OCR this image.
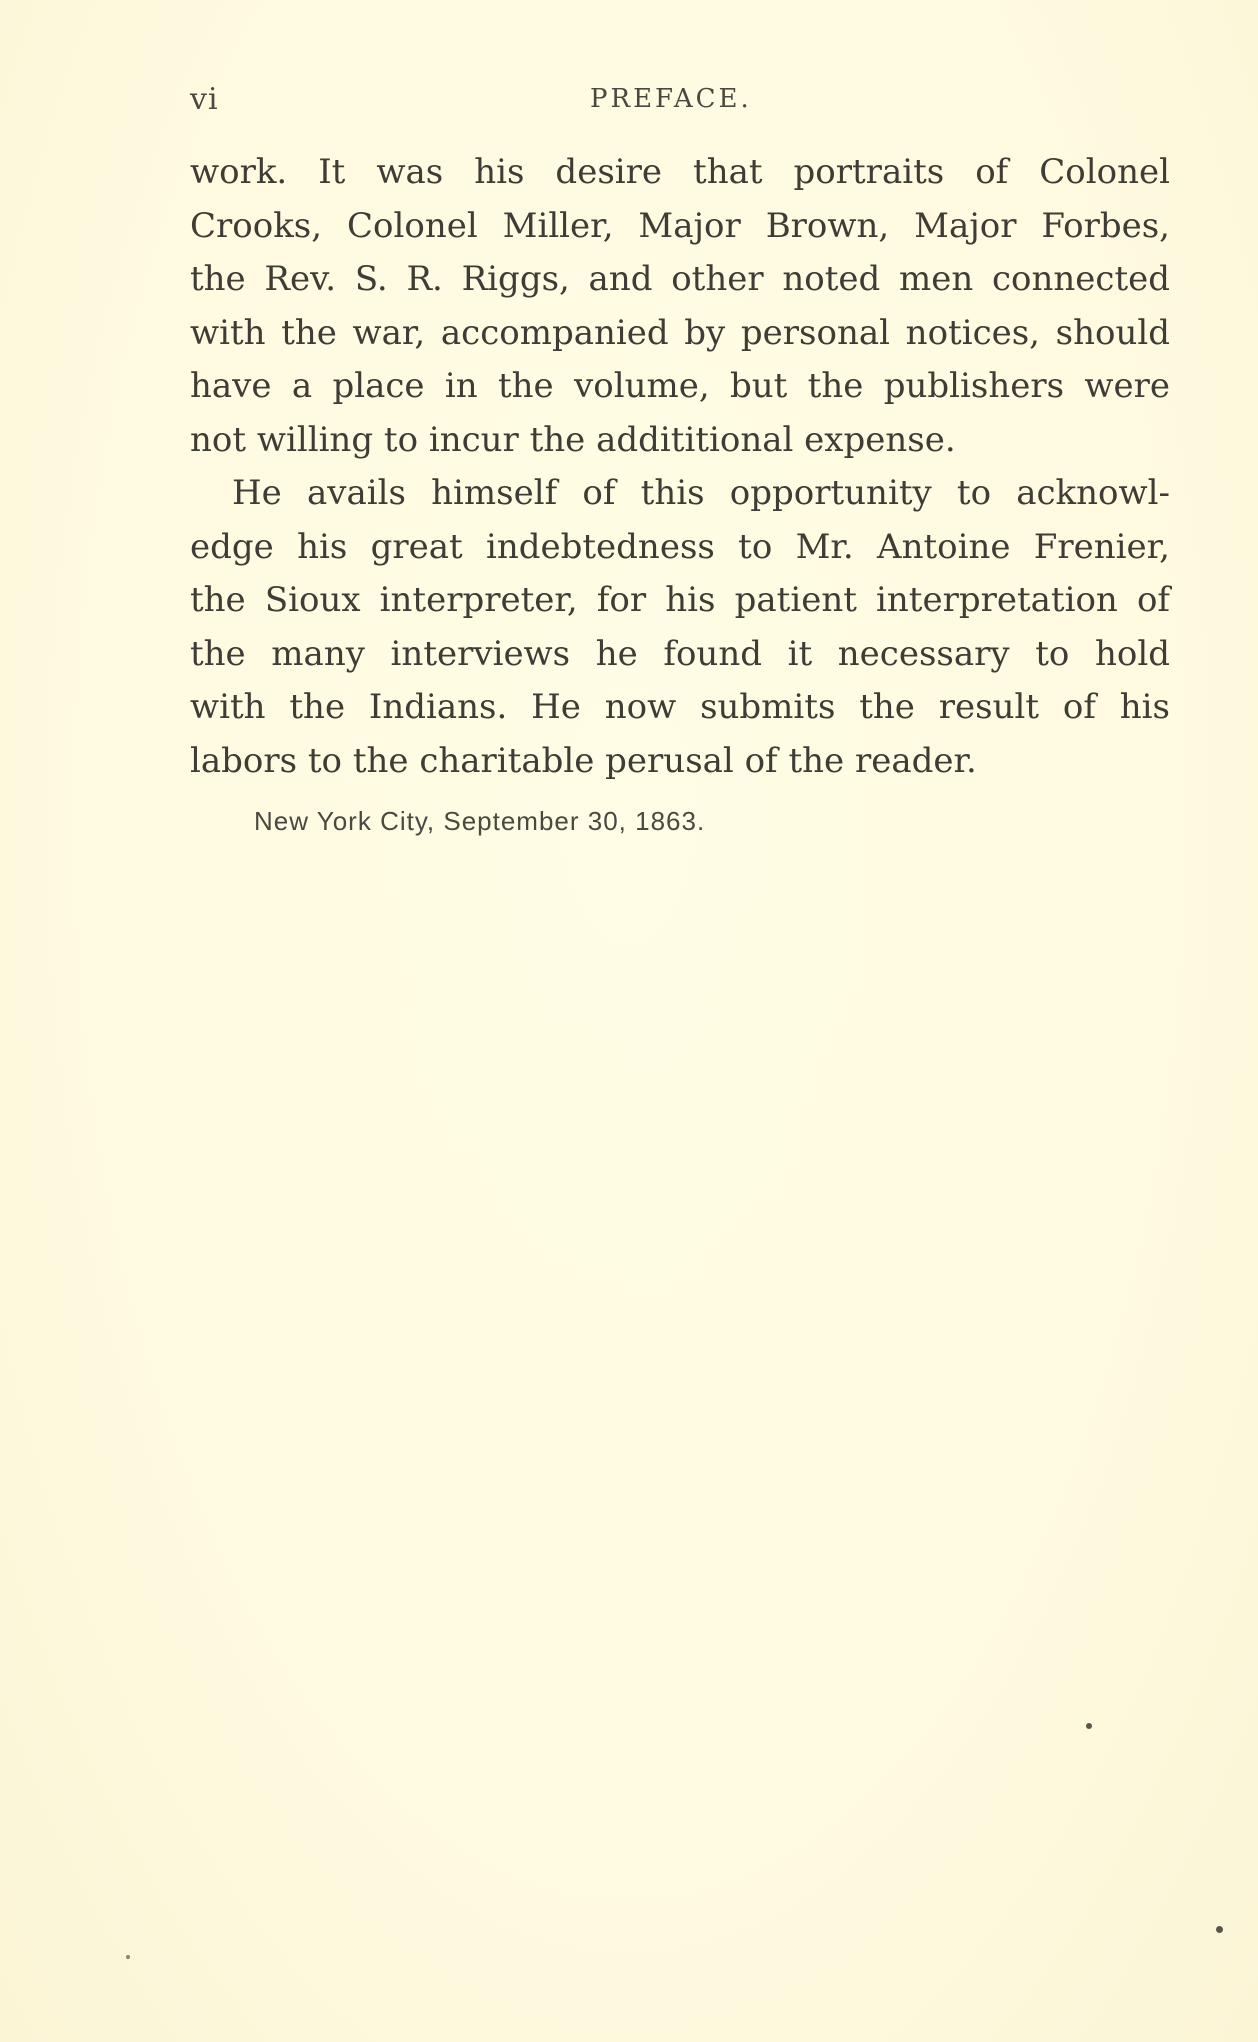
vi	PREFACE.
work. It was his desire that portraits of Colonel
Crooks, Colonel Miller, Major Brown, Major Forbes,
the Rev. S. R. Riggs, and other noted men connected
with the war, accompanied by personal notices, should
have a place in the volume, but the publishers were
not willing to incur the addititional expense.
He avails himself of this opportunity to acknowl-
edge his great indebtedness to Mr. Antoine Frenier,
the Sioux interpreter, for his patient interpretation of
the many interviews he found it necessary to hold
with the Indians. He now submits the result of his
labors to the charitable perusal of the reader.
New York City, September 30, 1863.
